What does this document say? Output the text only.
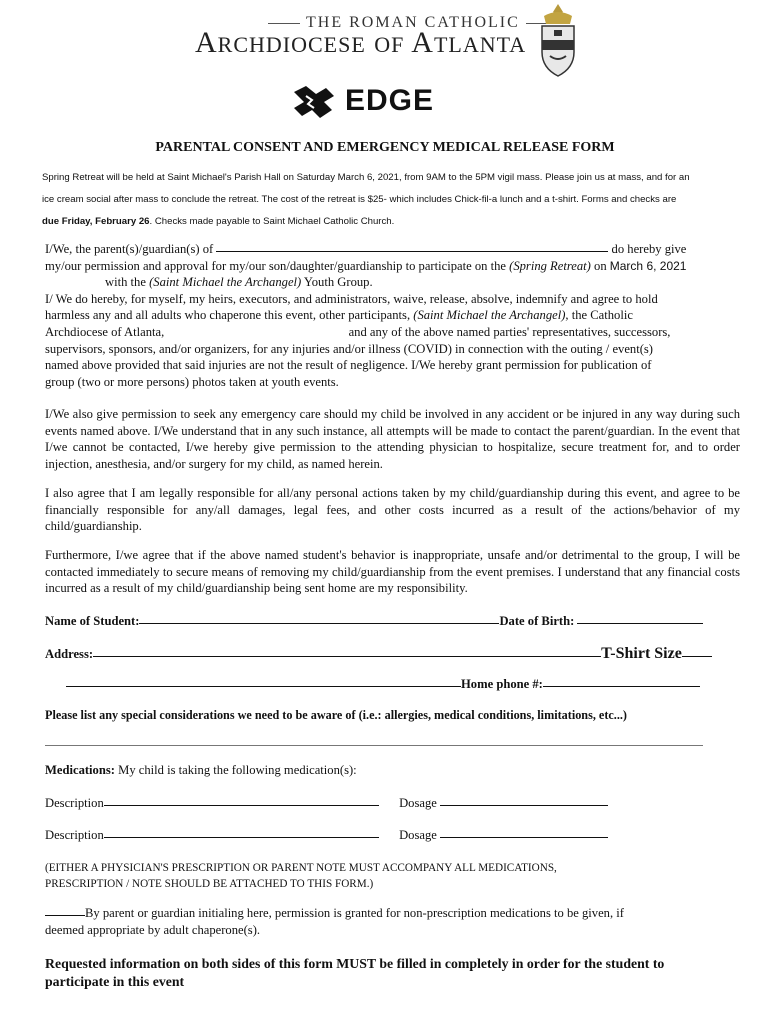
THE ROMAN CATHOLIC
ARCHDIOCESE OF ATLANTA
EDGE
PARENTAL CONSENT AND EMERGENCY MEDICAL RELEASE FORM
Spring Retreat will be held at Saint Michael's Parish Hall on Saturday March 6, 2021, from 9AM to the 5PM vigil mass. Please join us at mass, and for an
ice cream social after mass to conclude the retreat. The cost of the retreat is $25- which includes Chick-fil-a lunch and a t-shirt. Forms and checks are
due Friday, February 26. Checks made payable to Saint Michael Catholic Church.
I/We, the parent(s)/guardian(s) of	do hereby give
my/our permission and approval for my/our son/daughter/guardianship to participate on the (Spring Retreat) on March 6, 2021
with the (Saint Michael the Archangel) Youth Group.
I/ We do hereby, for myself, my heirs, executors, and administrators, waive, release, absolve, indemnify and agree to hold
harmless any and all adults who chaperone this event, other participants, (Saint Michael the Archangel), the Catholic
Archdiocese of Atlanta,	and any of the above named parties' representatives, successors,
supervisors, sponsors, and/or organizers, for any injuries and/or illness (COVID) in connection with the outing / event(s)
named above provided that said injuries are not the result of negligence. I/We hereby grant permission for publication of
group (two or more persons) photos taken at youth events.
I/We also give permission to seek any emergency care should my child be involved in any accident or be injured in any way during such events named above. I/We understand that in any such instance, all attempts will be made to contact the parent/guardian. In the event that I/we cannot be contacted, I/we hereby give permission to the attending physician to hospitalize, secure treatment for, and to order injection, anesthesia, and/or surgery for my child, as named herein.
I also agree that I am legally responsible for all/any personal actions taken by my child/guardianship during this event, and agree to be financially responsible for any/all damages, legal fees, and other costs incurred as a result of the actions/behavior of my child/guardianship.
Furthermore, I/we agree that if the above named student's behavior is inappropriate, unsafe and/or detrimental to the group, I will be contacted immediately to secure means of removing my child/guardianship from the event premises. I understand that any financial costs incurred as a result of my child/guardianship being sent home are my responsibility.
Name of Student:	Date of Birth:
Address:	T-Shirt Size
Home phone #:
Please list any special considerations we need to be aware of (i.e.: allergies, medical conditions, limitations, etc...)
Medications: My child is taking the following medication(s):
Description	Dosage
Description	Dosage
(EITHER A PHYSICIAN'S PRESCRIPTION OR PARENT NOTE MUST ACCOMPANY ALL MEDICATIONS,
PRESCRIPTION / NOTE SHOULD BE ATTACHED TO THIS FORM.)
By parent or guardian initialing here, permission is granted for non-prescription medications to be given, if
deemed appropriate by adult chaperone(s).
Requested information on both sides of this form MUST be filled in completely in order for the student to
participate in this event
